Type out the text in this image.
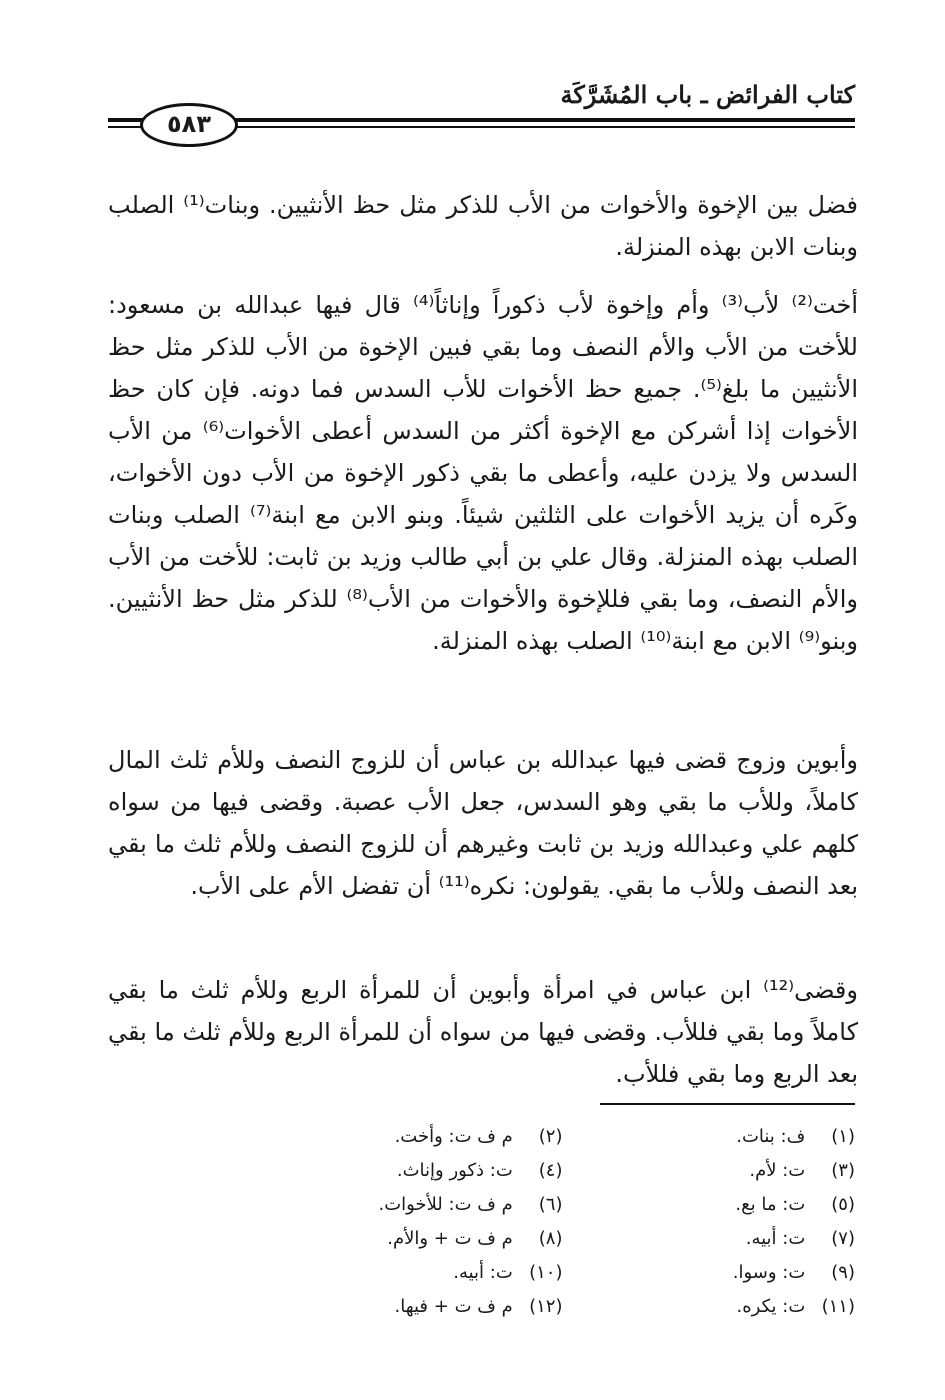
كتاب الفرائض ـ باب المُشَرَّكَة
٥٨٣

فضل بين الإخوة والأخوات من الأب للذكر مثل حظ الأنثيين. وبنات⁽¹⁾ الصلب وبنات الابن بهذه المنزلة.

أخت⁽²⁾ لأب⁽³⁾ وأم وإخوة لأب ذكوراً وإناثاً⁽⁴⁾ قال فيها عبدالله بن مسعود: للأخت من الأب والأم النصف وما بقي فبين الإخوة من الأب للذكر مثل حظ الأنثيين ما بلغ⁽⁵⁾. جميع حظ الأخوات للأب السدس فما دونه. فإن كان حظ الأخوات إذا أشركن مع الإخوة أكثر من السدس أعطى الأخوات⁽⁶⁾ من الأب السدس ولا يزدن عليه، وأعطى ما بقي ذكور الإخوة من الأب دون الأخوات، وكَره أن يزيد الأخوات على الثلثين شيئاً. وبنو الابن مع ابنة⁽⁷⁾ الصلب وبنات الصلب بهذه المنزلة. وقال علي بن أبي طالب وزيد بن ثابت: للأخت من الأب والأم النصف، وما بقي فللإخوة والأخوات من الأب⁽⁸⁾ للذكر مثل حظ الأنثيين. وبنو⁽⁹⁾ الابن مع ابنة⁽¹⁰⁾ الصلب بهذه المنزلة.

وأبوين وزوج قضى فيها عبدالله بن عباس أن للزوج النصف وللأم ثلث المال كاملاً، وللأب ما بقي وهو السدس، جعل الأب عصبة. وقضى فيها من سواه كلهم علي وعبدالله وزيد بن ثابت وغيرهم أن للزوج النصف وللأم ثلث ما بقي بعد النصف وللأب ما بقي. يقولون: نكره⁽¹¹⁾ أن تفضل الأم على الأب.

وقضى⁽¹²⁾ ابن عباس في امرأة وأبوين أن للمرأة الربع وللأم ثلث ما بقي كاملاً وما بقي فللأب. وقضى فيها من سواه أن للمرأة الربع وللأم ثلث ما بقي بعد الربع وما بقي فللأب.

(١) ف: بنات.
(٢) م ف ت: وأخت.
(٣) ت: لأم.
(٤) ت: ذكور وإناث.
(٥) ت: ما بع.
(٦) م ف ت: للأخوات.
(٧) ت: أبيه.
(٨) م ف ت + والأم.
(٩) ت: وسوا.
(١٠) ت: أبيه.
(١١) ت: يكره.
(١٢) م ف ت + فيها.
